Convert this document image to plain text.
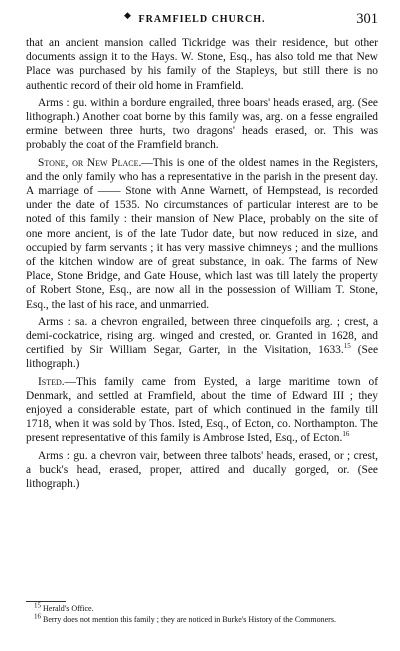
◆ FRAMFIELD CHURCH.	301

that an ancient mansion called Tickridge was their residence, but other documents assign it to the Hays. W. Stone, Esq., has also told me that New Place was purchased by his family of the Stapleys, but still there is no authentic record of their old home in Framfield.

Arms : gu. within a bordure engrailed, three boars' heads erased, arg. (See lithograph.) Another coat borne by this family was, arg. on a fesse engrailed ermine between three hurts, two dragons' heads erased, or. This was probably the coat of the Framfield branch.

Stone, or New Place.—This is one of the oldest names in the Registers, and the only family who has a representative in the parish in the present day. A marriage of —— Stone with Anne Warnett, of Hempstead, is recorded under the date of 1535. No circumstances of particular interest are to be noted of this family : their mansion of New Place, probably on the site of one more ancient, is of the late Tudor date, but now reduced in size, and occupied by farm servants ; it has very massive chimneys ; and the mullions of the kitchen window are of great substance, in oak. The farms of New Place, Stone Bridge, and Gate House, which last was till lately the property of Robert Stone, Esq., are now all in the possession of William T. Stone, Esq., the last of his race, and unmarried.

Arms : sa. a chevron engrailed, between three cinquefoils arg. ; crest, a demi-cockatrice, rising arg. winged and crested, or. Granted in 1628, and certified by Sir William Segar, Garter, in the Visitation, 1633.15 (See lithograph.)

Isted.—This family came from Eysted, a large maritime town of Denmark, and settled at Framfield, about the time of Edward III ; they enjoyed a considerable estate, part of which continued in the family till 1718, when it was sold by Thos. Isted, Esq., of Ecton, co. Northampton. The present representative of this family is Ambrose Isted, Esq., of Ecton.$^{16}$

Arms : gu. a chevron vair, between three talbots' heads, erased, or ; crest, a buck's head, erased, proper, attired and ducally gorged, or. (See lithograph.)

$^{15}$ Herald's Office.

$^{16}$ Berry does not mention this family ; they are noticed in Burke's History of the Commoners.
